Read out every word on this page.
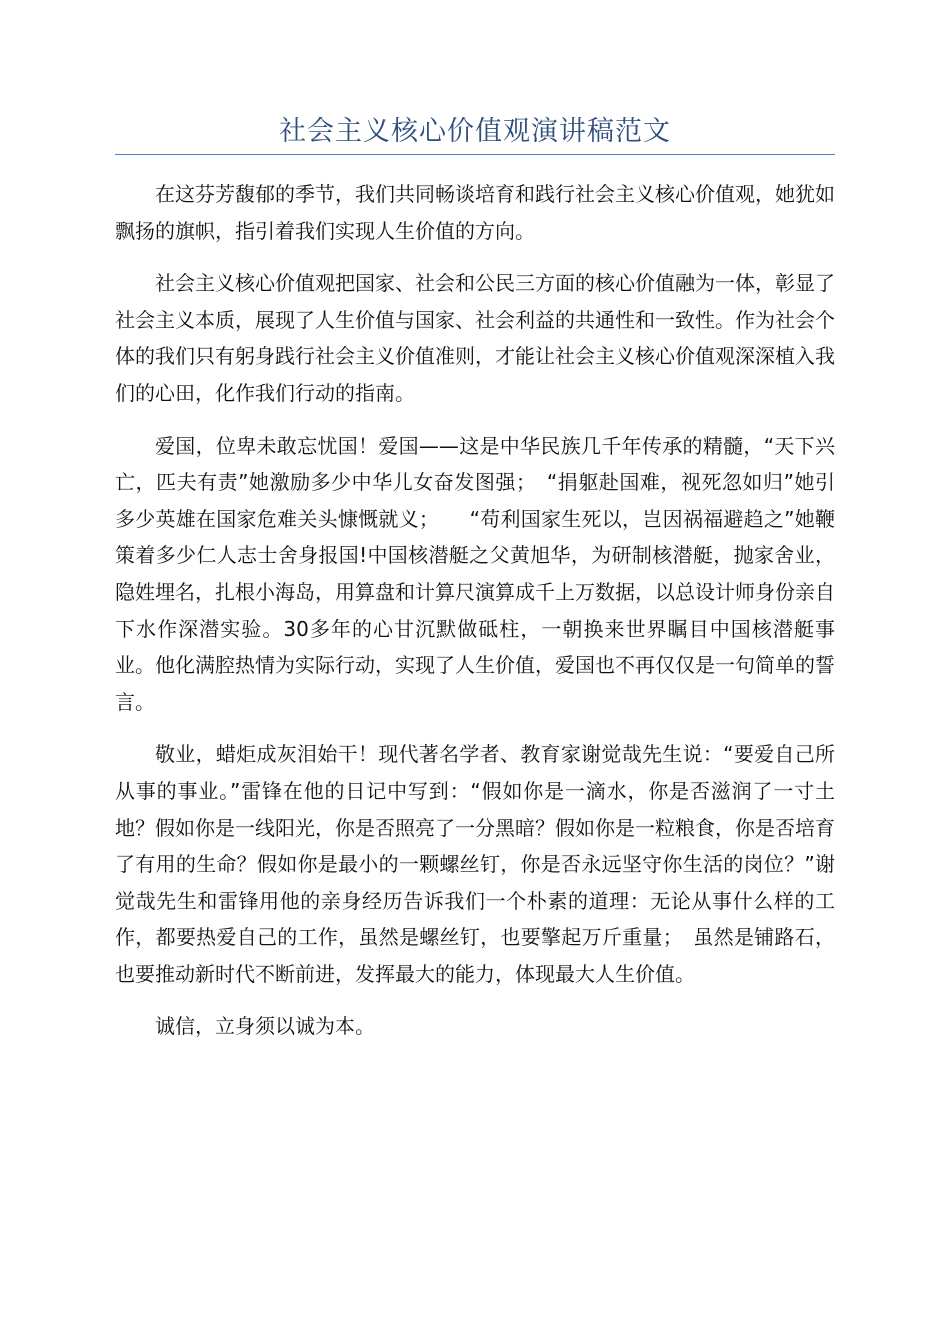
社会主义核心价值观演讲稿范文

在这芬芳馥郁的季节，我们共同畅谈培育和践行社会主义核心价值观，她犹如飘扬的旗帜，指引着我们实现人生价值的方向。

社会主义核心价值观把国家、社会和公民三方面的核心价值融为一体，彰显了社会主义本质，展现了人生价值与国家、社会利益的共通性和一致性。作为社会个体的我们只有躬身践行社会主义价值准则，才能让社会主义核心价值观深深植入我们的心田，化作我们行动的指南。

爱国，位卑未敢忘忧国！爱国——这是中华民族几千年传承的精髓，“天下兴亡，匹夫有责”她激励多少中华儿女奋发图强；　“捐躯赴国难，视死忽如归”她引多少英雄在国家危难关头慷慨就义；　　“苟利国家生死以，岂因祸福避趋之”她鞭策着多少仁人志士舍身报国!中国核潜艇之父黄旭华，为研制核潜艇，抛家舍业，隐姓埋名，扎根小海岛，用算盘和计算尺演算成千上万数据，以总设计师身份亲自下水作深潜实验。30多年的心甘沉默做砥柱，一朝换来世界瞩目中国核潜艇事业。他化满腔热情为实际行动，实现了人生价值，爱国也不再仅仅是一句简单的誓言。

敬业，蜡炬成灰泪始干！现代著名学者、教育家谢觉哉先生说：“要爱自己所从事的事业。”雷锋在他的日记中写到：“假如你是一滴水，你是否滋润了一寸土地？假如你是一线阳光，你是否照亮了一分黑暗？假如你是一粒粮食，你是否培育了有用的生命？假如你是最小的一颗螺丝钉，你是否永远坚守你生活的岗位？”谢觉哉先生和雷锋用他的亲身经历告诉我们一个朴素的道理：无论从事什么样的工作，都要热爱自己的工作，虽然是螺丝钉，也要擎起万斤重量；　虽然是铺路石，也要推动新时代不断前进，发挥最大的能力，体现最大人生价值。

诚信，立身须以诚为本。
